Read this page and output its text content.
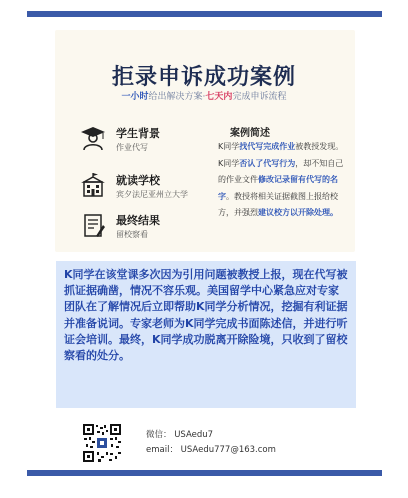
拒录申诉成功案例
一小时给出解决方案·七天内完成申诉流程
学生背景
作业代写
就读学校
宾夕法尼亚州立大学
最终结果
留校察看
案例简述
K同学找代写完成作业被教授发现。K同学否认了代写行为，却不知自己的作业文件修改记录留有代写的名字。教授将相关证据截图上报给校方，并强烈建议校方以开除处理。
K同学在该堂课多次因为引用问题被教授上报，现在代写被抓证据确凿，情况不容乐观。美国留学中心紧急应对专家团队在了解情况后立即帮助K同学分析情况，挖掘有利证据并准备说词。专家老师为K同学完成书面陈述信，并进行听证会培训。最终，K同学成功脱离开除险境，只收到了留校察看的处分。
微信： USAedu7
email： USAedu777@163.com
